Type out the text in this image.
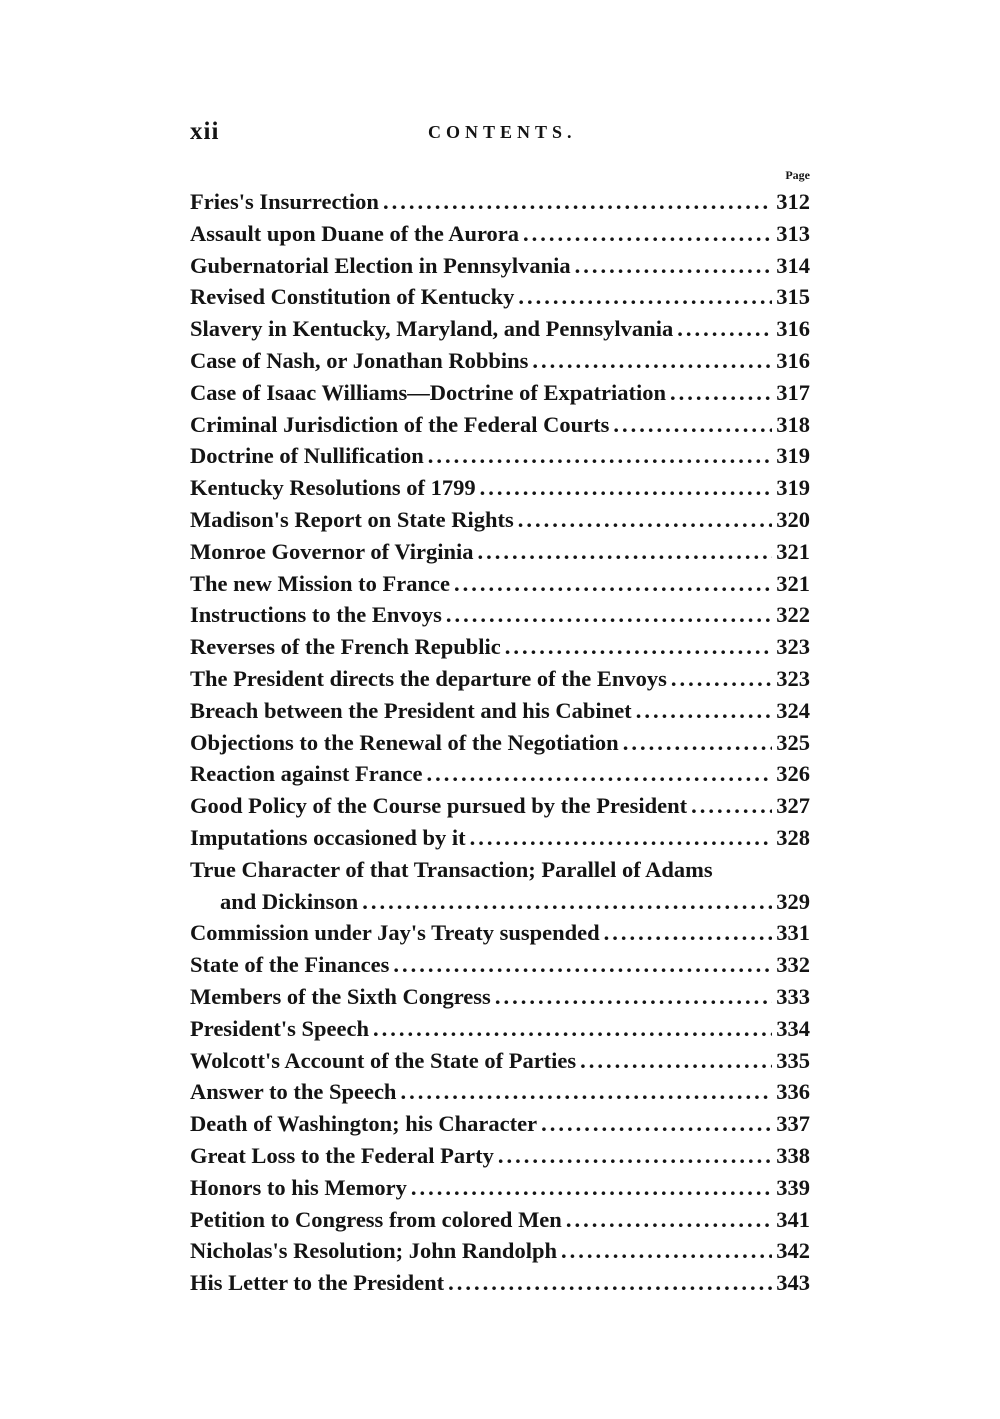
xii	CONTENTS.
Page
Fries's Insurrection .....	312
Assault upon Duane of the Aurora .....	313
Gubernatorial Election in Pennsylvania .....	314
Revised Constitution of Kentucky .....	315
Slavery in Kentucky, Maryland, and Pennsylvania .....	316
Case of Nash, or Jonathan Robbins .....	316
Case of Isaac Williams—Doctrine of Expatriation .....	317
Criminal Jurisdiction of the Federal Courts .....	318
Doctrine of Nullification .....	319
Kentucky Resolutions of 1799 .....	319
Madison's Report on State Rights .....	320
Monroe Governor of Virginia .....	321
The new Mission to France .....	321
Instructions to the Envoys .....	322
Reverses of the French Republic .....	323
The President directs the departure of the Envoys .....	323
Breach between the President and his Cabinet .....	324
Objections to the Renewal of the Negotiation .....	325
Reaction against France .....	326
Good Policy of the Course pursued by the President .....	327
Imputations occasioned by it .....	328
True Character of that Transaction; Parallel of Adams
and Dickinson .....	329
Commission under Jay's Treaty suspended .....	331
State of the Finances .....	332
Members of the Sixth Congress .....	333
President's Speech .....	334
Wolcott's Account of the State of Parties .....	335
Answer to the Speech .....	336
Death of Washington; his Character .....	337
Great Loss to the Federal Party .....	338
Honors to his Memory .....	339
Petition to Congress from colored Men .....	341
Nicholas's Resolution; John Randolph .....	342
His Letter to the President .....	343
